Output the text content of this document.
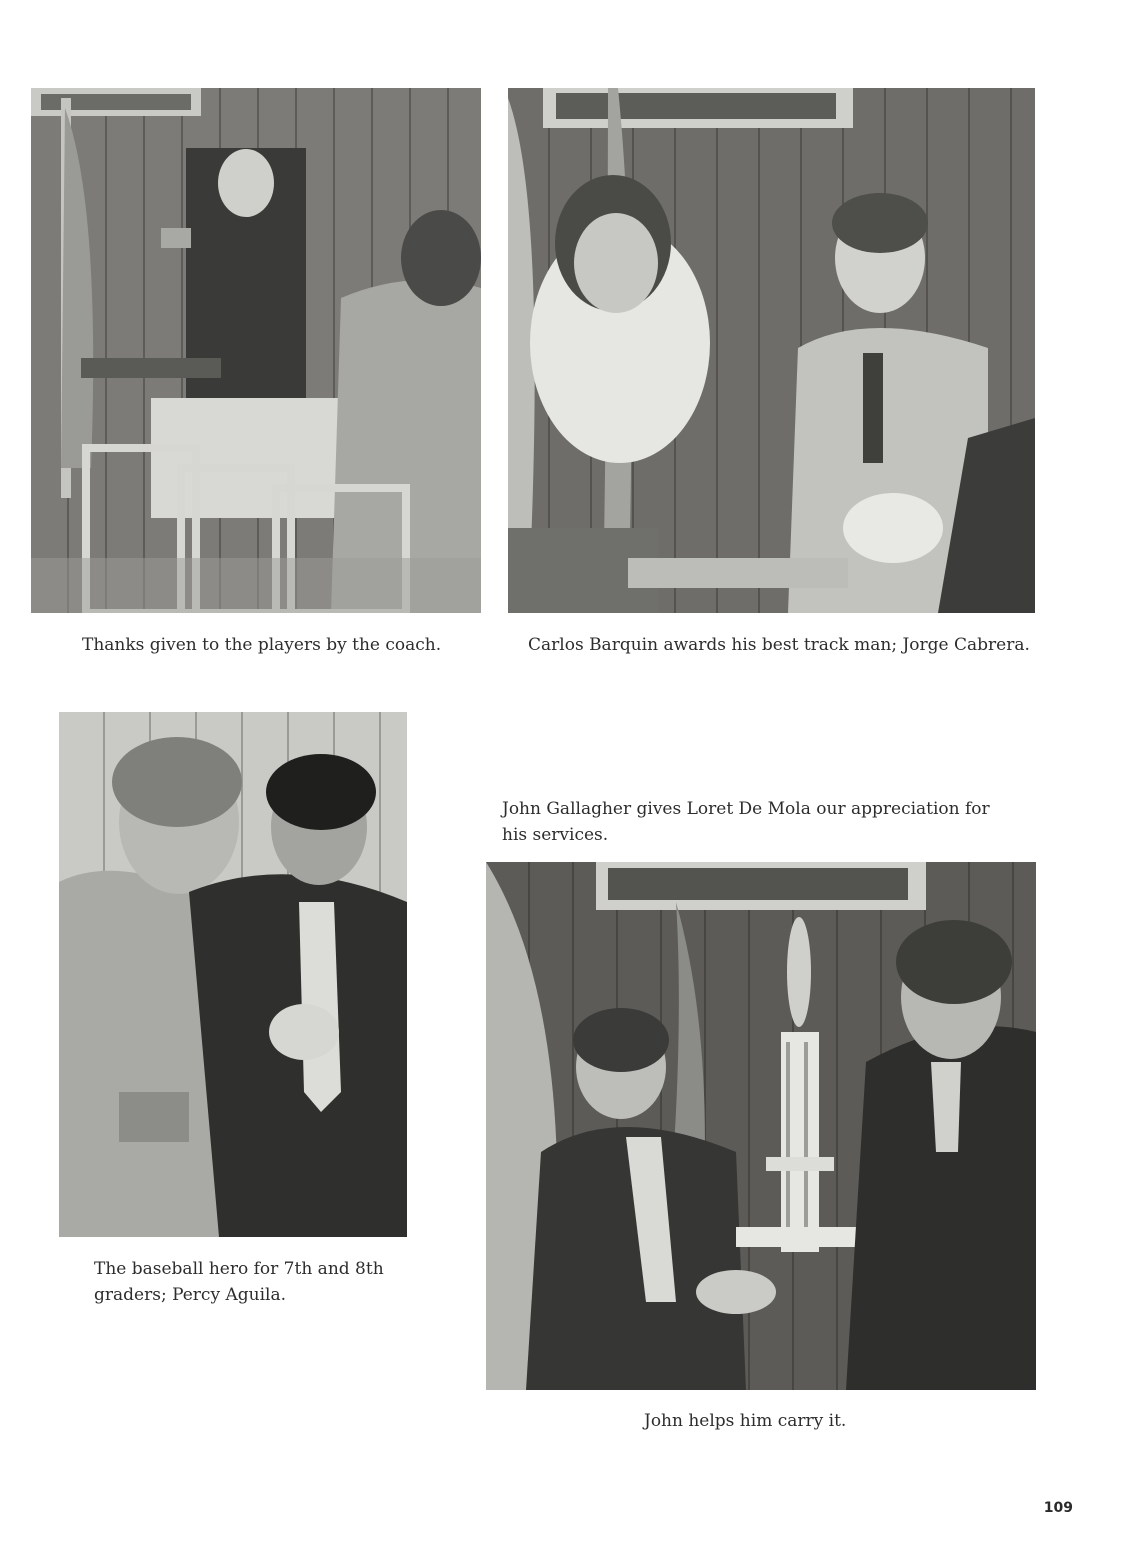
Thanks given to the players by the coach.	Carlos Barquin awards his best track man; Jorge Cabrera.

The baseball hero for 7th and 8th graders; Percy Aguila.

John Gallagher gives Loret De Mola our appreciation for his services.

John helps him carry it.

109
